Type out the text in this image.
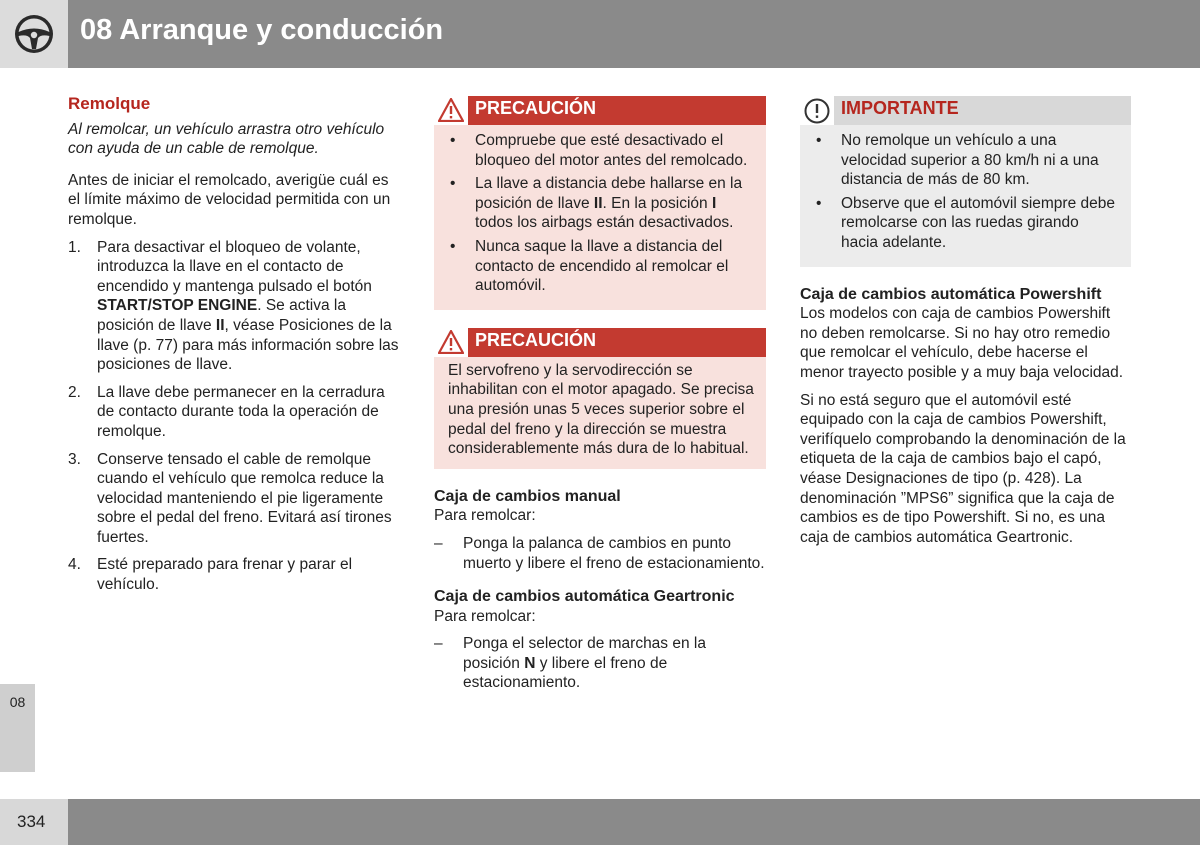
08 Arranque y conducción
Remolque

Al remolcar, un vehículo arrastra otro vehículo con ayuda de un cable de remolque.

Antes de iniciar el remolcado, averigüe cuál es el límite máximo de velocidad permitida con un remolque.

1. Para desactivar el bloqueo de volante, introduzca la llave en el contacto de encendido y mantenga pulsado el botón START/STOP ENGINE. Se activa la posición de llave II, véase Posiciones de la llave (p. 77) para más información sobre las posiciones de llave.
2. La llave debe permanecer en la cerradura de contacto durante toda la operación de remolque.
3. Conserve tensado el cable de remolque cuando el vehículo que remolca reduce la velocidad manteniendo el pie ligeramente sobre el pedal del freno. Evitará así tirones fuertes.
4. Esté preparado para frenar y parar el vehículo.
PRECAUCIÓN
• Compruebe que esté desactivado el bloqueo del motor antes del remolcado.
• La llave a distancia debe hallarse en la posición de llave II. En la posición I todos los airbags están desactivados.
• Nunca saque la llave a distancia del contacto de encendido al remolcar el automóvil.
PRECAUCIÓN
El servofreno y la servodirección se inhabilitan con el motor apagado. Se precisa una presión unas 5 veces superior sobre el pedal del freno y la dirección se muestra considerablemente más dura de lo habitual.
Caja de cambios manual
Para remolcar:
– Ponga la palanca de cambios en punto muerto y libere el freno de estacionamiento.
Caja de cambios automática Geartronic
Para remolcar:
– Ponga el selector de marchas en la posición N y libere el freno de estacionamiento.
IMPORTANTE
• No remolque un vehículo a una velocidad superior a 80 km/h ni a una distancia de más de 80 km.
• Observe que el automóvil siempre debe remolcarse con las ruedas girando hacia adelante.
Caja de cambios automática Powershift

Los modelos con caja de cambios Powershift no deben remolcarse. Si no hay otro remedio que remolcar el vehículo, debe hacerse el menor trayecto posible y a muy baja velocidad.

Si no está seguro que el automóvil esté equipado con la caja de cambios Powershift, verifíquelo comprobando la denominación de la etiqueta de la caja de cambios bajo el capó, véase Designaciones de tipo (p. 428). La denominación ”MPS6” significa que la caja de cambios es de tipo Powershift. Si no, es una caja de cambios automática Geartronic.

08
334
